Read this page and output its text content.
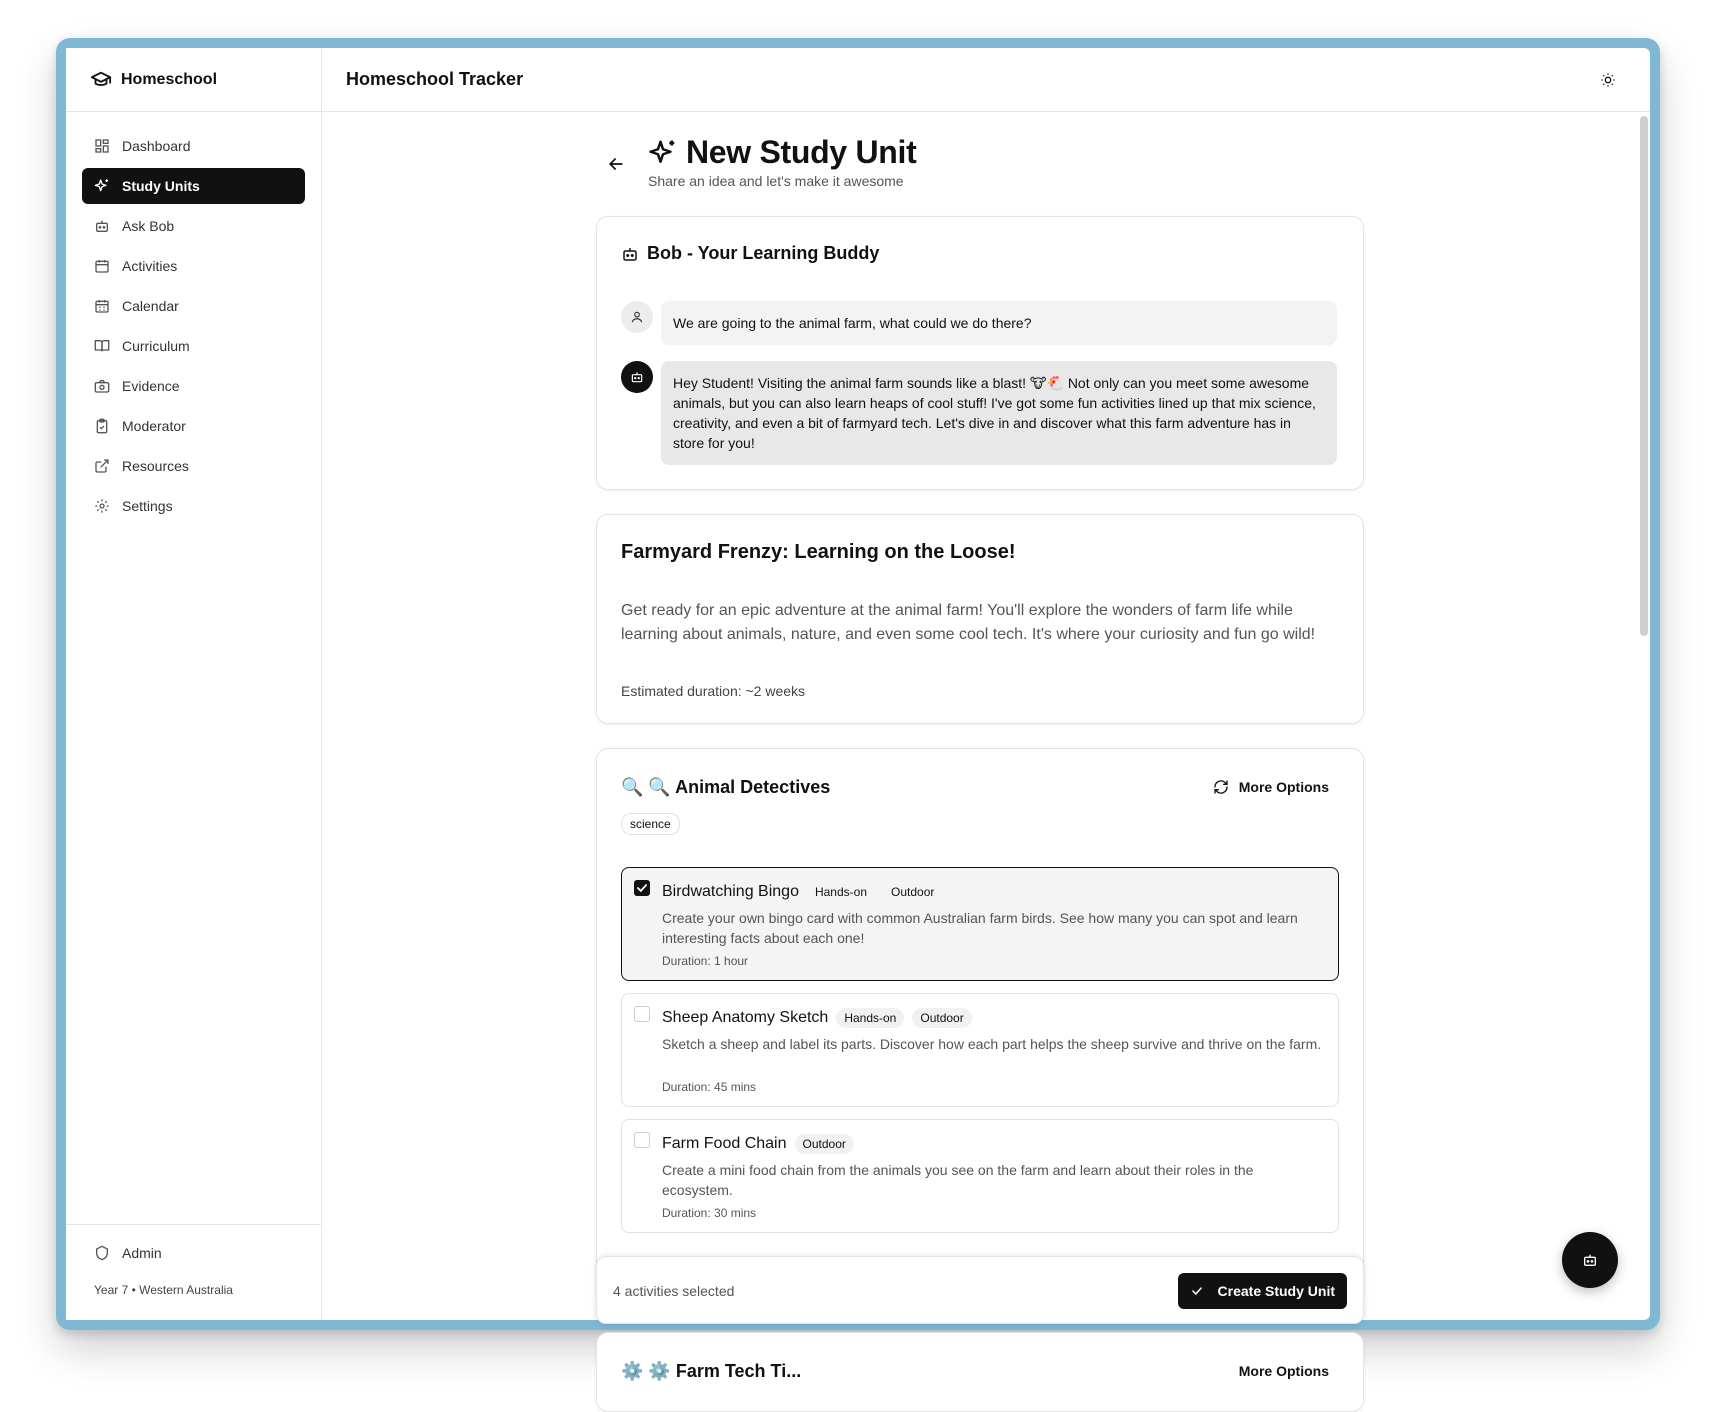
Homeschool
Dashboard
Study Units
Ask Bob
Activities
Calendar
Curriculum
Evidence
Moderator
Resources
Settings
Admin
Year 7 • Western Australia
Homeschool Tracker
New Study Unit
Share an idea and let's make it awesome
Bob - Your Learning Buddy
We are going to the animal farm, what could we do there?
Hey Student! Visiting the animal farm sounds like a blast! 🐮🐔 Not only can you meet some awesome animals, but you can also learn heaps of cool stuff! I've got some fun activities lined up that mix science, creativity, and even a bit of farmyard tech. Let's dive in and discover what this farm adventure has in store for you!
Farmyard Frenzy: Learning on the Loose!
Get ready for an epic adventure at the animal farm! You'll explore the wonders of farm life while learning about animals, nature, and even some cool tech. It's where your curiosity and fun go wild!
Estimated duration: ~2 weeks
🔍 🔍 Animal Detectives	More Options
science
Birdwatching Bingo	Hands-on	Outdoor
Create your own bingo card with common Australian farm birds. See how many you can spot and learn interesting facts about each one!
Duration: 1 hour
Sheep Anatomy Sketch	Hands-on	Outdoor
Sketch a sheep and label its parts. Discover how each part helps the sheep survive and thrive on the farm.
Duration: 45 mins
Farm Food Chain	Outdoor
Create a mini food chain from the animals you see on the farm and learn about their roles in the ecosystem.
Duration: 30 mins
⚙️ ⚙️ Farm Tech Ti...	More Options
4 activities selected	Create Study Unit
